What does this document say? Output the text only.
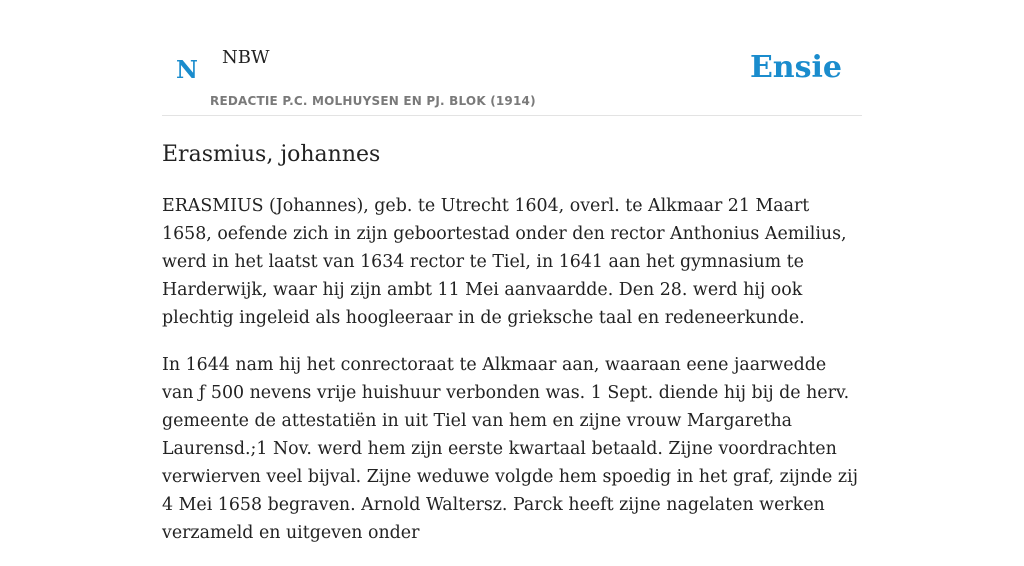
N NBW
REDACTIE P.C. MOLHUYSEN EN PJ. BLOK (1914)
Ensie
Erasmius, johannes

ERASMIUS (Johannes), geb. te Utrecht 1604, overl. te Alkmaar 21 Maart 1658, oefende zich in zijn geboortestad onder den rector Anthonius Aemilius, werd in het laatst van 1634 rector te Tiel, in 1641 aan het gymnasium te Harderwijk, waar hij zijn ambt 11 Mei aanvaardde. Den 28. werd hij ook plechtig ingeleid als hoogleeraar in de grieksche taal en redeneerkunde.

In 1644 nam hij het conrectoraat te Alkmaar aan, waaraan eene jaarwedde van ƒ 500 nevens vrije huishuur verbonden was. 1 Sept. diende hij bij de herv. gemeente de attestatiën in uit Tiel van hem en zijne vrouw Margaretha Laurensd.;1 Nov. werd hem zijn eerste kwartaal betaald. Zijne voordrachten verwierven veel bijval. Zijne weduwe volgde hem spoedig in het graf, zijnde zij 4 Mei 1658 begraven. Arnold Waltersz. Parck heeft zijne nagelaten werken verzameld en uitgeven onder
